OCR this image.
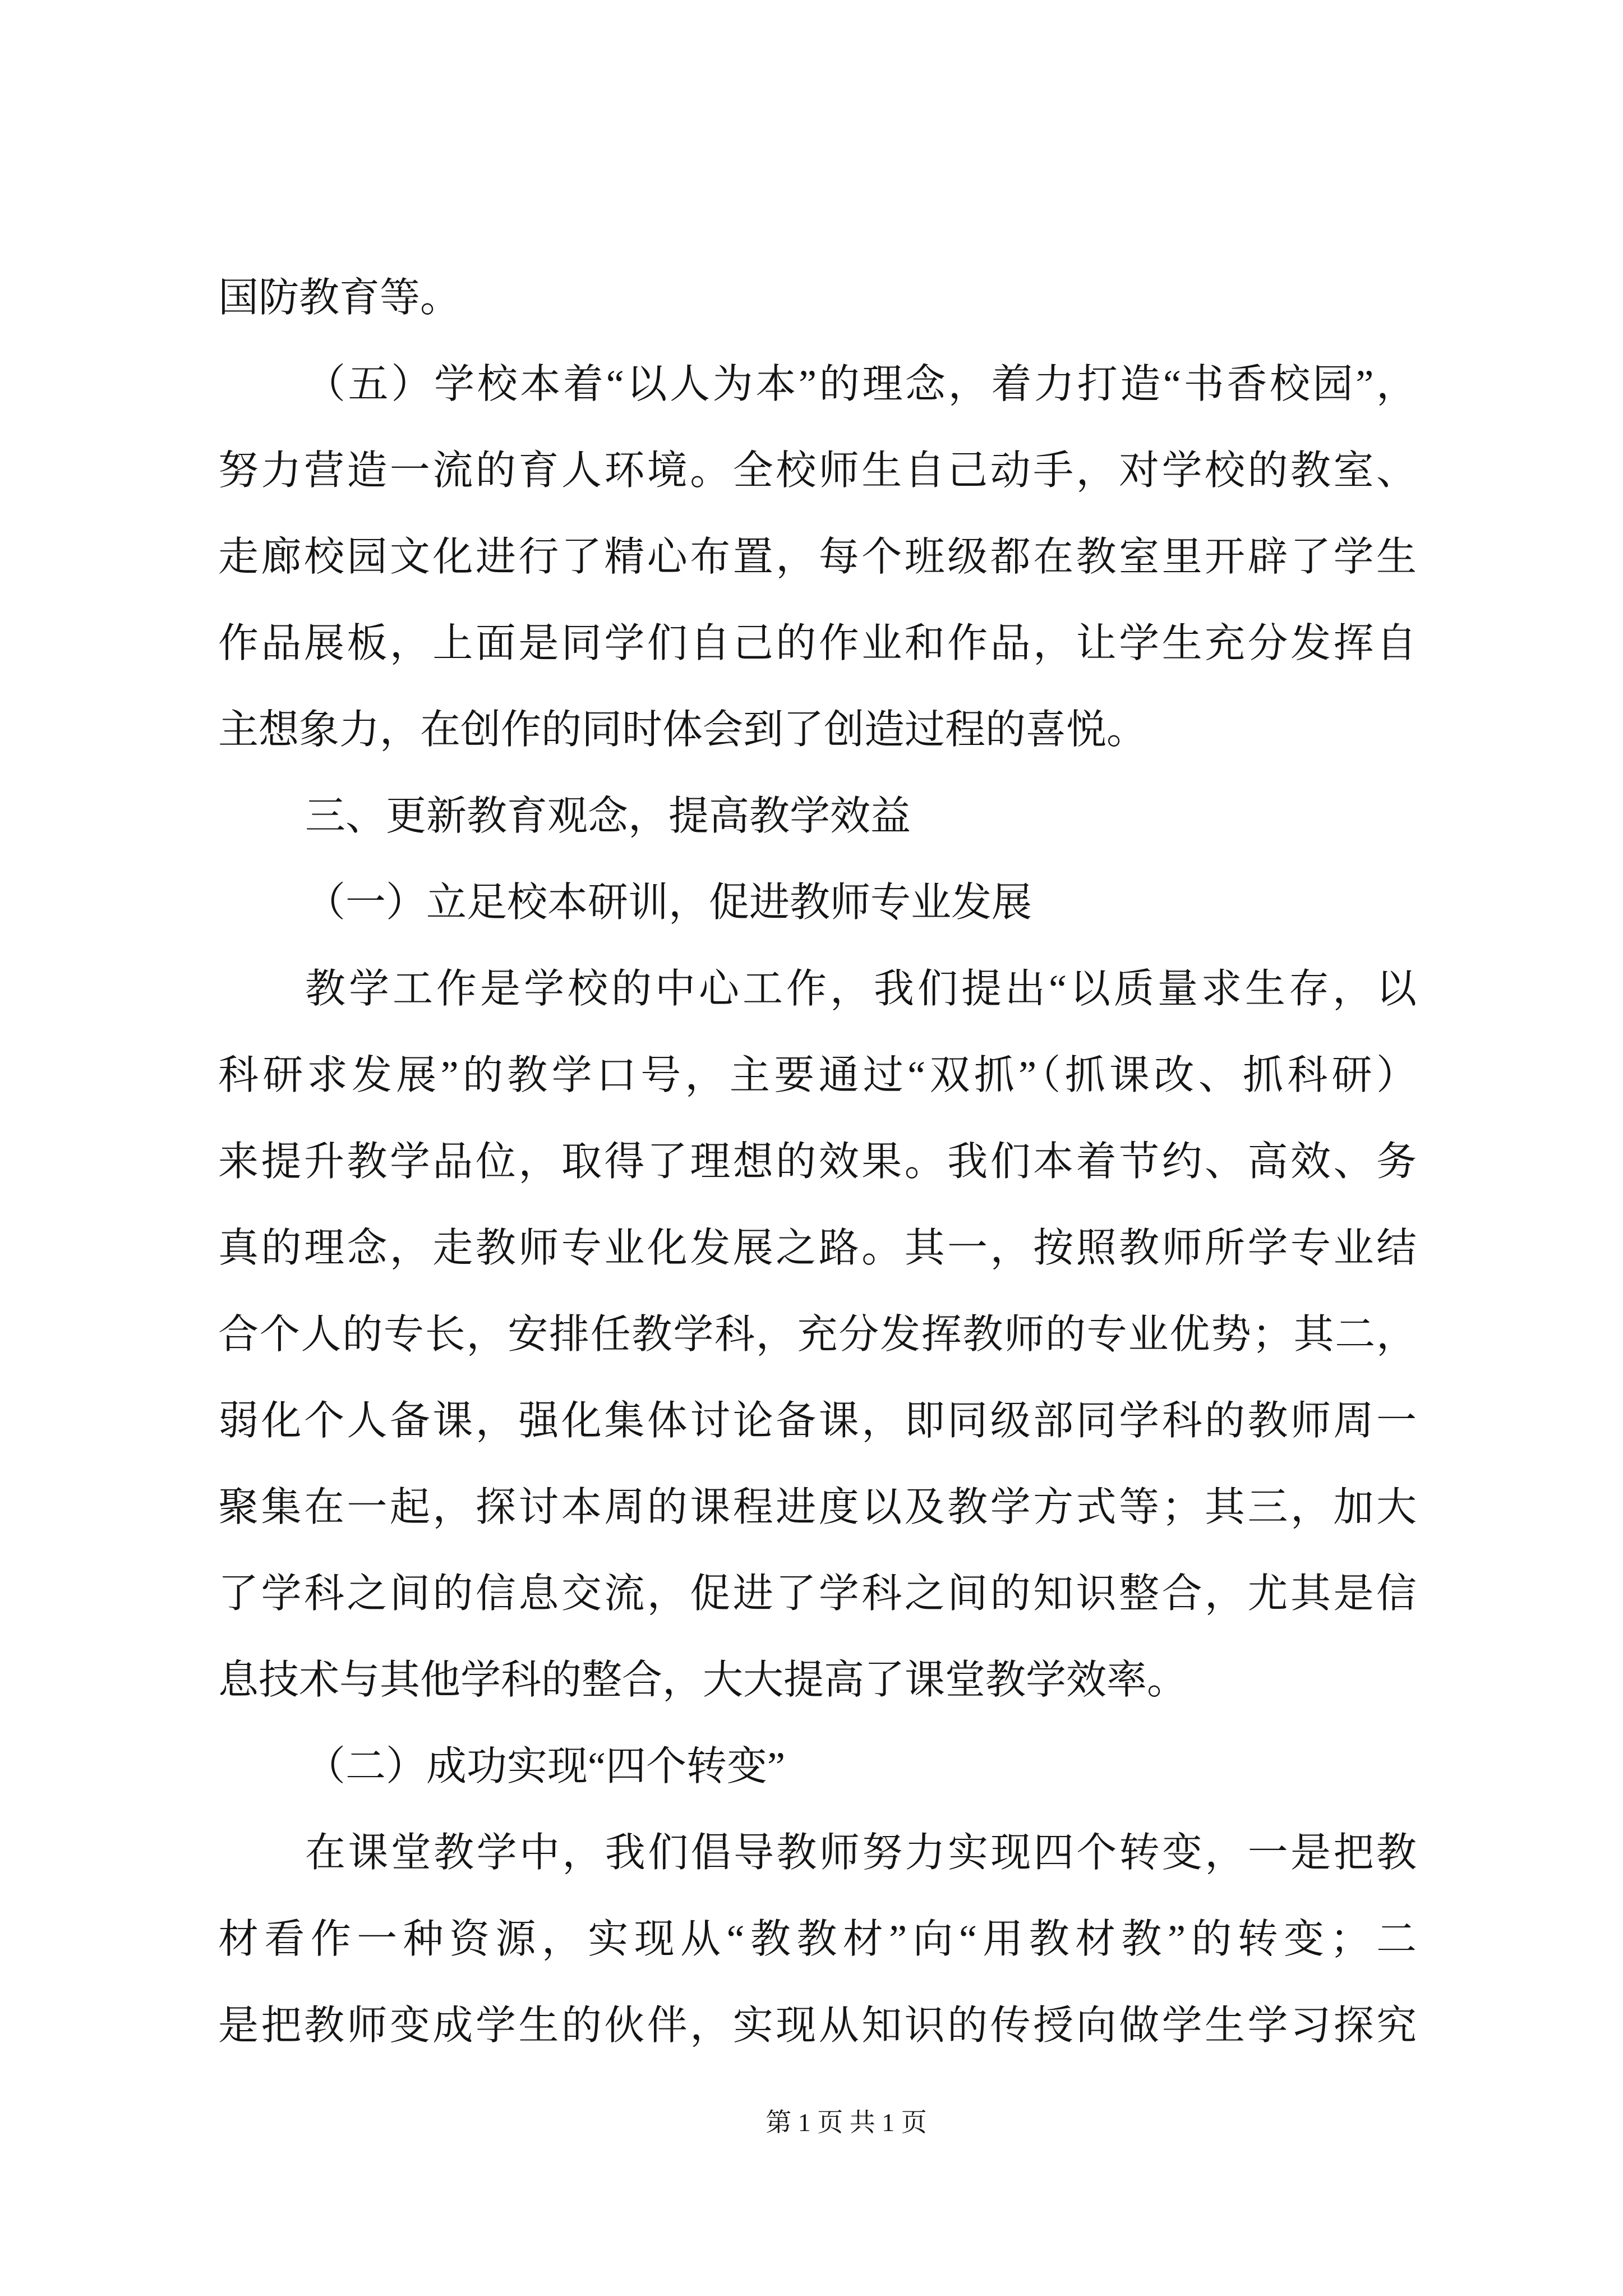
国防教育等。
（五）学校本着“以人为本”的理念，着力打造“书香校园”，
努力营造一流的育人环境。全校师生自己动手，对学校的教室、
走廊校园文化进行了精心布置，每个班级都在教室里开辟了学生
作品展板，上面是同学们自己的作业和作品，让学生充分发挥自
主想象力，在创作的同时体会到了创造过程的喜悦。
三、更新教育观念，提高教学效益
（一）立足校本研训，促进教师专业发展
教学工作是学校的中心工作，我们提出“以质量求生存，以
科研求发展”的教学口号，主要通过“双抓”（抓课改、抓科研）
来提升教学品位，取得了理想的效果。我们本着节约、高效、务
真的理念，走教师专业化发展之路。其一，按照教师所学专业结
合个人的专长，安排任教学科，充分发挥教师的专业优势；其二，
弱化个人备课，强化集体讨论备课，即同级部同学科的教师周一
聚集在一起，探讨本周的课程进度以及教学方式等；其三，加大
了学科之间的信息交流，促进了学科之间的知识整合，尤其是信
息技术与其他学科的整合，大大提高了课堂教学效率。
（二）成功实现“四个转变”
在课堂教学中，我们倡导教师努力实现四个转变，一是把教
材看作一种资源，实现从“教教材”向“用教材教”的转变；二
是把教师变成学生的伙伴，实现从知识的传授向做学生学习探究
第 1 页 共 1 页
